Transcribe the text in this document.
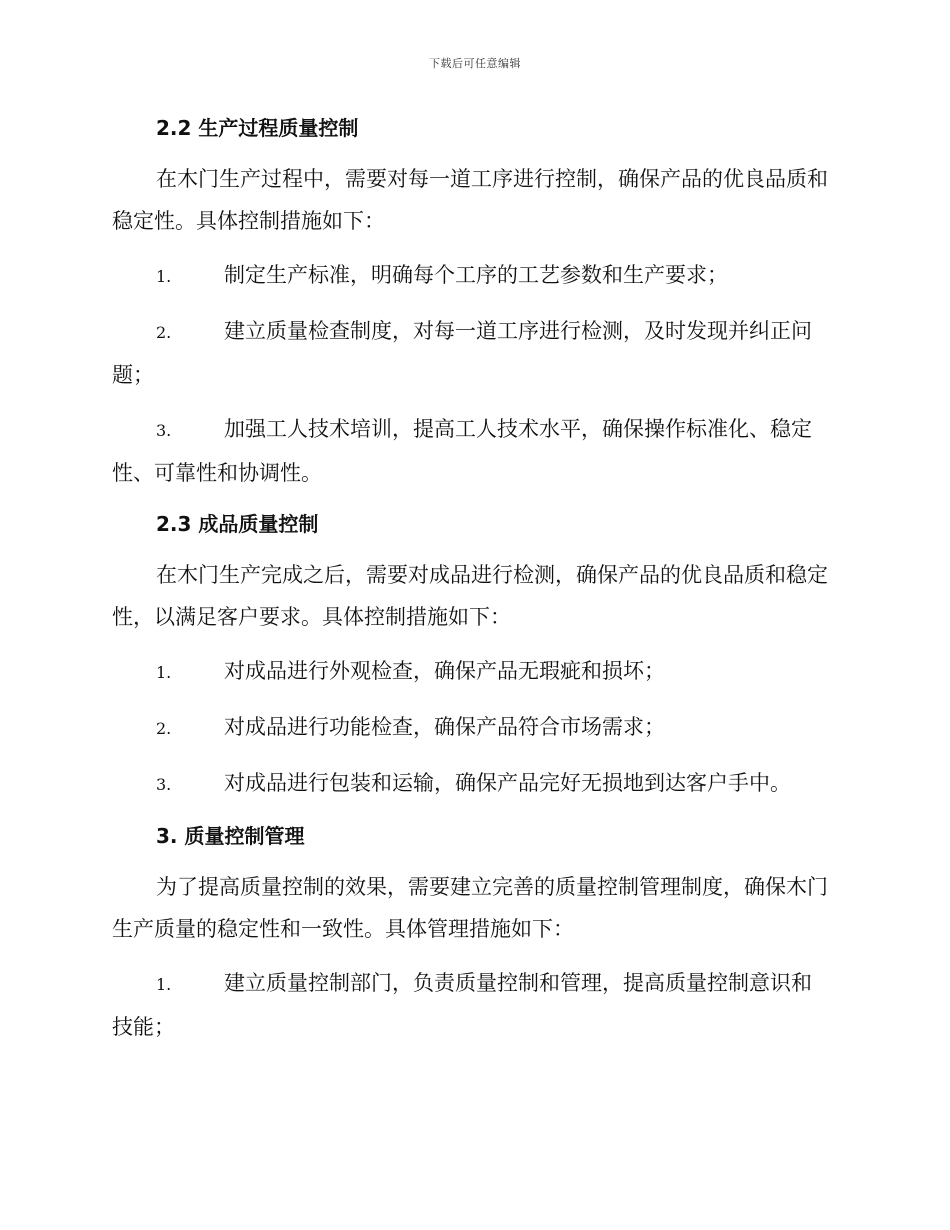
下载后可任意编辑
2.2 生产过程质量控制

在木门生产过程中，需要对每一道工序进行控制，确保产品的优良品质和稳定性。具体控制措施如下：

1.	制定生产标准，明确每个工序的工艺参数和生产要求；

2.	建立质量检查制度，对每一道工序进行检测，及时发现并纠正问题；

3.	加强工人技术培训，提高工人技术水平，确保操作标准化、稳定性、可靠性和协调性。

2.3 成品质量控制

在木门生产完成之后，需要对成品进行检测，确保产品的优良品质和稳定性，以满足客户要求。具体控制措施如下：

1.	对成品进行外观检查，确保产品无瑕疵和损坏；

2.	对成品进行功能检查，确保产品符合市场需求；

3.	对成品进行包装和运输，确保产品完好无损地到达客户手中。

3. 质量控制管理

为了提高质量控制的效果，需要建立完善的质量控制管理制度，确保木门生产质量的稳定性和一致性。具体管理措施如下：

1.	建立质量控制部门，负责质量控制和管理，提高质量控制意识和技能；
